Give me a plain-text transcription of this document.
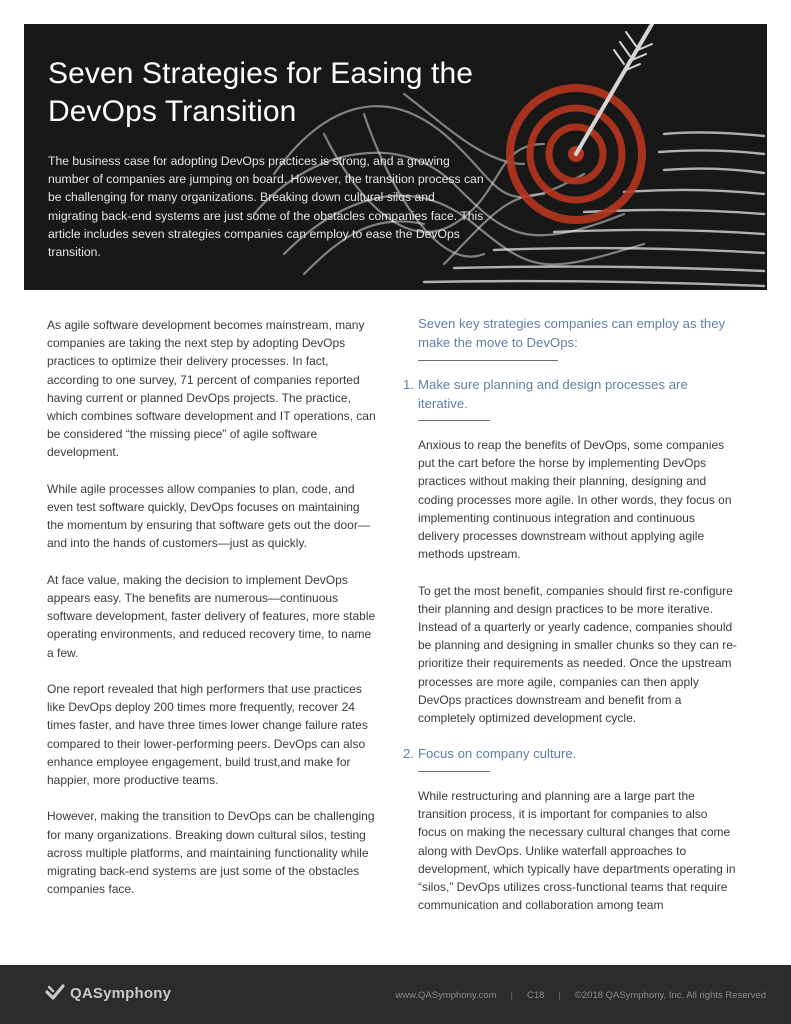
Seven Strategies for Easing the
DevOps Transition

The business case for adopting DevOps practices is strong, and a growing number of companies are jumping on board. However, the transition process can be challenging for many organizations. Breaking down cultural silos and migrating back-end systems are just some of the obstacles companies face. This article includes seven strategies companies can employ to ease the DevOps transition.

As agile software development becomes mainstream, many companies are taking the next step by adopting DevOps practices to optimize their delivery processes. In fact, according to one survey, 71 percent of companies reported having current or planned DevOps projects. The practice, which combines software development and IT operations, can be considered “the missing piece” of agile software development.

While agile processes allow companies to plan, code, and even test software quickly, DevOps focuses on maintaining the momentum by ensuring that software gets out the door—and into the hands of customers—just as quickly.

At face value, making the decision to implement DevOps appears easy. The benefits are numerous—continuous software development, faster delivery of features, more stable operating environments, and reduced recovery time, to name a few.

One report revealed that high performers that use practices like DevOps deploy 200 times more frequently, recover 24 times faster, and have three times lower change failure rates compared to their lower-performing peers. DevOps can also enhance employee engagement, build trust,and make for happier, more productive teams.

However, making the transition to DevOps can be challenging for many organizations. Breaking down cultural silos, testing across multiple platforms, and maintaining functionality while migrating back-end systems are just some of the obstacles companies face.

Seven key strategies companies can employ as they make the move to DevOps:

1. Make sure planning and design processes are iterative.

Anxious to reap the benefits of DevOps, some companies put the cart before the horse by implementing DevOps practices without making their planning, designing and coding processes more agile. In other words, they focus on implementing continuous integration and continuous delivery processes downstream without applying agile methods upstream.

To get the most benefit, companies should first re-configure their planning and design practices to be more iterative. Instead of a quarterly or yearly cadence, companies should be planning and designing in smaller chunks so they can re-prioritize their requirements as needed. Once the upstream processes are more agile, companies can then apply DevOps practices downstream and benefit from a completely optimized development cycle.

2. Focus on company culture.

While restructuring and planning are a large part the transition process, it is important for companies to also focus on making the necessary cultural changes that come along with DevOps. Unlike waterfall approaches to development, which typically have departments operating in “silos,” DevOps utilizes cross-functional teams that require communication and collaboration among team

QASymphony	www.QASymphony.com | C18 | ©2018 QASymphony, Inc. All rights Reserved
